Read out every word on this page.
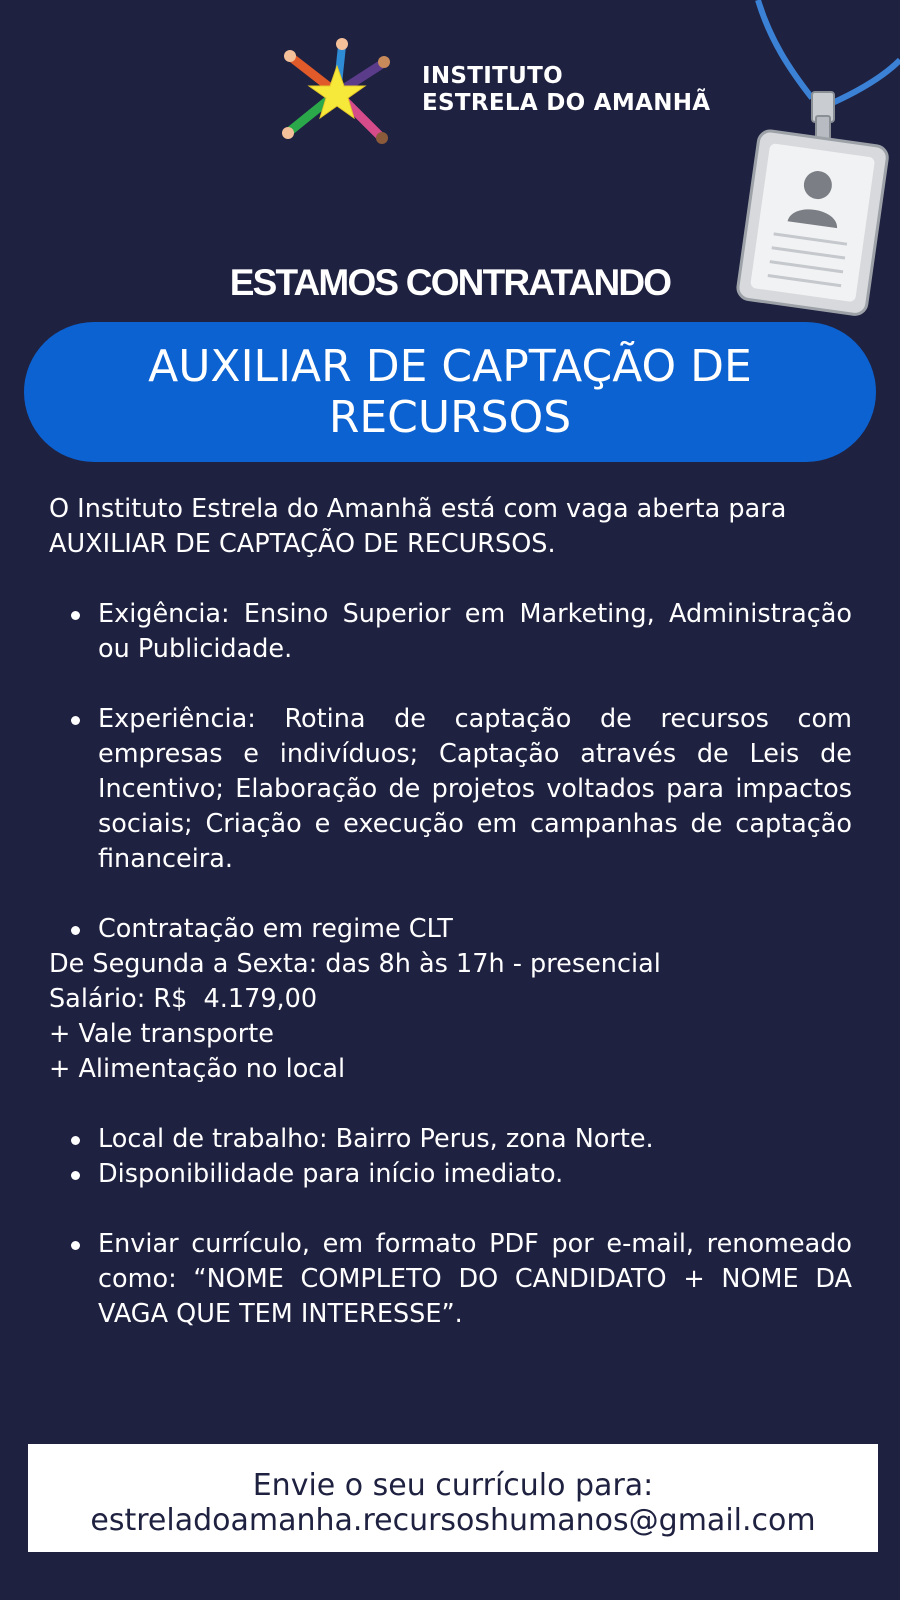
INSTITUTO
ESTRELA DO AMANHÃ
ESTAMOS CONTRATANDO
AUXILIAR DE CAPTAÇÃO DE RECURSOS

O Instituto Estrela do Amanhã está com vaga aberta para AUXILIAR DE CAPTAÇÃO DE RECURSOS.

Exigência: Ensino Superior em Marketing, Administração ou Publicidade.
Experiência: Rotina de captação de recursos com empresas e indivíduos; Captação através de Leis de Incentivo; Elaboração de projetos voltados para impactos sociais; Criação e execução em campanhas de captação financeira.
Contratação em regime CLT

De Segunda a Sexta: das 8h às 17h - presencial

Salário: R$  4.179,00

+ Vale transporte

+ Alimentação no local

Local de trabalho: Bairro Perus, zona Norte.
Disponibilidade para início imediato.
Enviar currículo, em formato PDF por e-mail, renomeado como: “NOME COMPLETO DO CANDIDATO + NOME DA VAGA QUE TEM INTERESSE”.
Envie o seu currículo para:
estreladoamanha.recursoshumanos@gmail.com
